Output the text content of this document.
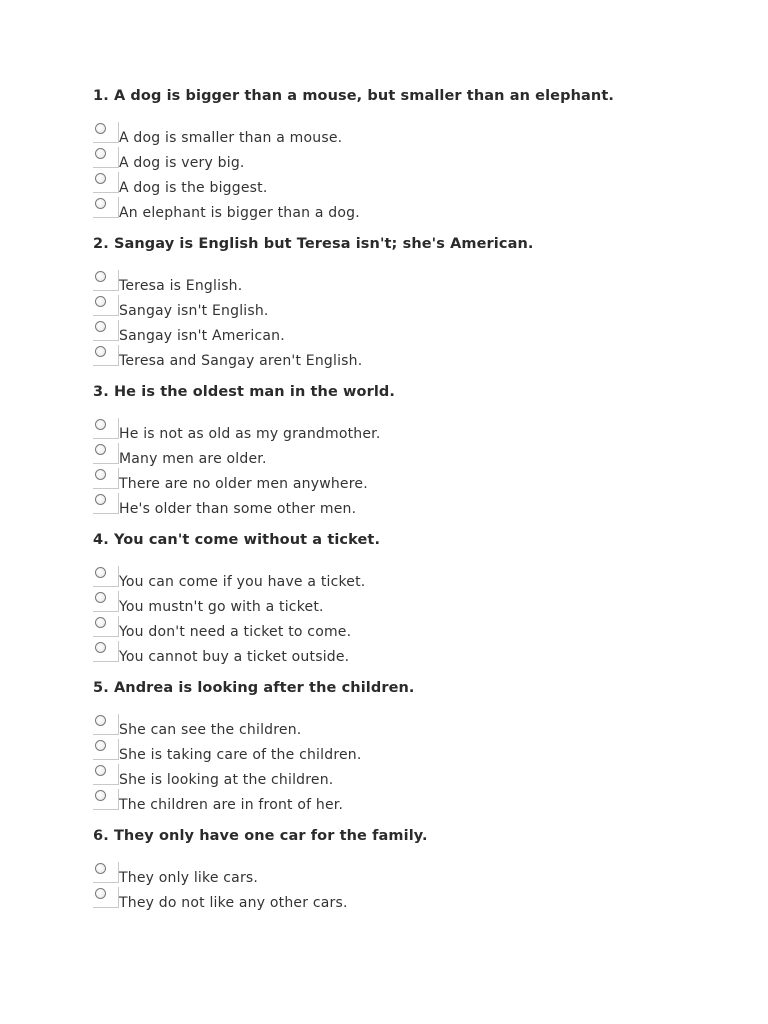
1. A dog is bigger than a mouse, but smaller than an elephant.
A dog is smaller than a mouse.
A dog is very big.
A dog is the biggest.
An elephant is bigger than a dog.
2. Sangay is English but Teresa isn't; she's American.
Teresa is English.
Sangay isn't English.
Sangay isn't American.
Teresa and Sangay aren't English.
3. He is the oldest man in the world.
He is not as old as my grandmother.
Many men are older.
There are no older men anywhere.
He's older than some other men.
4. You can't come without a ticket.
You can come if you have a ticket.
You mustn't go with a ticket.
You don't need a ticket to come.
You cannot buy a ticket outside.
5. Andrea is looking after the children.
She can see the children.
She is taking care of the children.
She is looking at the children.
The children are in front of her.
6. They only have one car for the family.
They only like cars.
They do not like any other cars.
